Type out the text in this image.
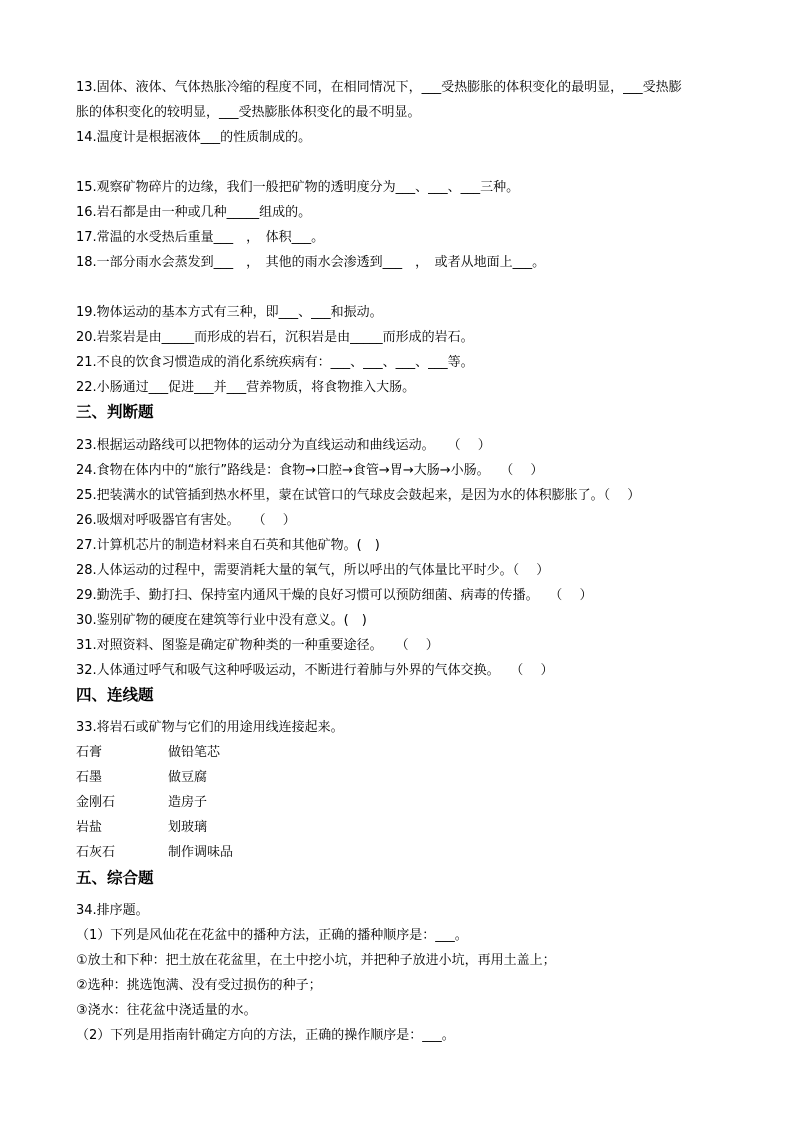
13.固体、液体、气体热胀冷缩的程度不同，在相同情况下，___受热膨胀的体积变化的最明显，___受热膨
胀的体积变化的较明显，___受热膨胀体积变化的最不明显。
14.温度计是根据液体___的性质制成的。
15.观察矿物碎片的边缘，我们一般把矿物的透明度分为___、___、___三种。
16.岩石都是由一种或几种_____组成的。
17.常温的水受热后重量___　，　体积___。
18.一部分雨水会蒸发到___　，　其他的雨水会渗透到___　，　或者从地面上___。
19.物体运动的基本方式有三种，即___、___和振动。
20.岩浆岩是由_____而形成的岩石，沉积岩是由_____而形成的岩石。
21.不良的饮食习惯造成的消化系统疾病有：___、___、___、___等。
22.小肠通过___促进___并___营养物质，将食物推入大肠。
三、判断题
23.根据运动路线可以把物体的运动分为直线运动和曲线运动。　　（　 ）
24.食物在体内中的“旅行”路线是：食物→口腔→食管→胃→大肠→小肠。　 （　 ）
25.把装满水的试管插到热水杯里，蒙在试管口的气球皮会鼓起来，是因为水的体积膨胀了。（　 ）
26.吸烟对呼吸器官有害处。　　（　 ）
27.计算机芯片的制造材料来自石英和其他矿物。(　)
28.人体运动的过程中，需要消耗大量的氧气，所以呼出的气体量比平时少。（　 ）
29.勤洗手、勤打扫、保持室内通风干燥的良好习惯可以预防细菌、病毒的传播。　 （　 ）
30.鉴别矿物的硬度在建筑等行业中没有意义。(　)
31.对照资料、图鉴是确定矿物种类的一种重要途径。　　（　 ）
32.人体通过呼气和吸气这种呼吸运动，不断进行着肺与外界的气体交换。　 （　 ）
四、连线题
33.将岩石或矿物与它们的用途用线连接起来。
石膏	做铅笔芯
石墨	做豆腐
金刚石	造房子
岩盐	划玻璃
石灰石	制作调味品
五、综合题
34.排序题。
（1）下列是风仙花在花盆中的播种方法，正确的播种顺序是：___。
①放土和下种：把土放在花盆里，在土中挖小坑，并把种子放进小坑，再用土盖上；
②选种：挑选饱满、没有受过损伤的种子；
③浇水：往花盆中浇适量的水。
（2）下列是用指南针确定方向的方法，正确的操作顺序是：___。
